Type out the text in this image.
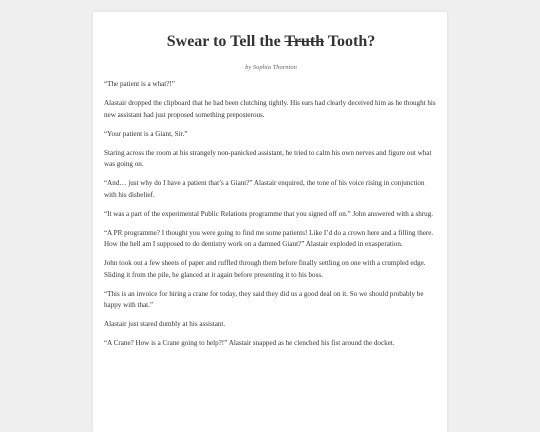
Swear to Tell the Truth Tooth?
by Sophia Thornton

“The patient is a what?!”

Alastair dropped the clipboard that he had been clutching tightly. His ears had clearly deceived him as he thought his new assistant had just proposed something preposterous.

“Your patient is a Giant, Sir.”

Staring across the room at his strangely non-panicked assistant, he tried to calm his own nerves and figure out what was going on.

“And… just why do I have a patient that’s a Giant?” Alastair enquired, the tone of his voice rising in conjunction with his disbelief.

“It was a part of the experimental Public Relations programme that you signed off on.” John answered with a shrug.

“A PR programme? I thought you were going to find me some patients! Like I’d do a crown here and a filling there. How the hell am I supposed to do dentistry work on a damned Giant?” Alastair exploded in exasperation.

John took out a few sheets of paper and ruffled through them before finally settling on one with a crumpled edge. Sliding it from the pile, he glanced at it again before presenting it to his boss.

“This is an invoice for hiring a crane for today, they said they did us a good deal on it. So we should probably be happy with that.”

Alastair just stared dumbly at his assistant.

“A Crane? How is a Crane going to help?!” Alastair snapped as he clenched his fist around the docket.
